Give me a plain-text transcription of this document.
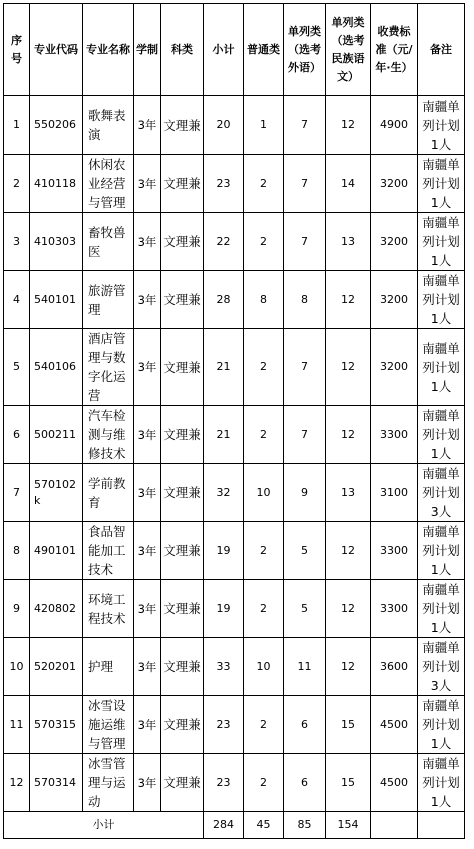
序号	专业代码	专业名称	学制	科类	小计	普通类	单列类（选考外语）	单列类（选考民族语文）	收费标准（元/年·生）	备注
1	550206	歌舞表演	3年	文理兼	20	1	7	12	4900	南疆单列计划1人
2	410118	休闲农业经营与管理	3年	文理兼	23	2	7	14	3200	南疆单列计划1人
3	410303	畜牧兽医	3年	文理兼	22	2	7	13	3200	南疆单列计划1人
4	540101	旅游管理	3年	文理兼	28	8	8	12	3200	南疆单列计划1人
5	540106	酒店管理与数字化运营	3年	文理兼	21	2	7	12	3200	南疆单列计划1人
6	500211	汽车检测与维修技术	3年	文理兼	21	2	7	12	3300	南疆单列计划1人
7	570102k	学前教育	3年	文理兼	32	10	9	13	3100	南疆单列计划3人
8	490101	食品智能加工技术	3年	文理兼	19	2	5	12	3300	南疆单列计划1人
9	420802	环境工程技术	3年	文理兼	19	2	5	12	3300	南疆单列计划1人
10	520201	护理	3年	文理兼	33	10	11	12	3600	南疆单列计划3人
11	570315	冰雪设施运维与管理	3年	文理兼	23	2	6	15	4500	南疆单列计划1人
12	570314	冰雪管理与运动	3年	文理兼	23	2	6	15	4500	南疆单列计划1人
小计					284	45	85	154		
